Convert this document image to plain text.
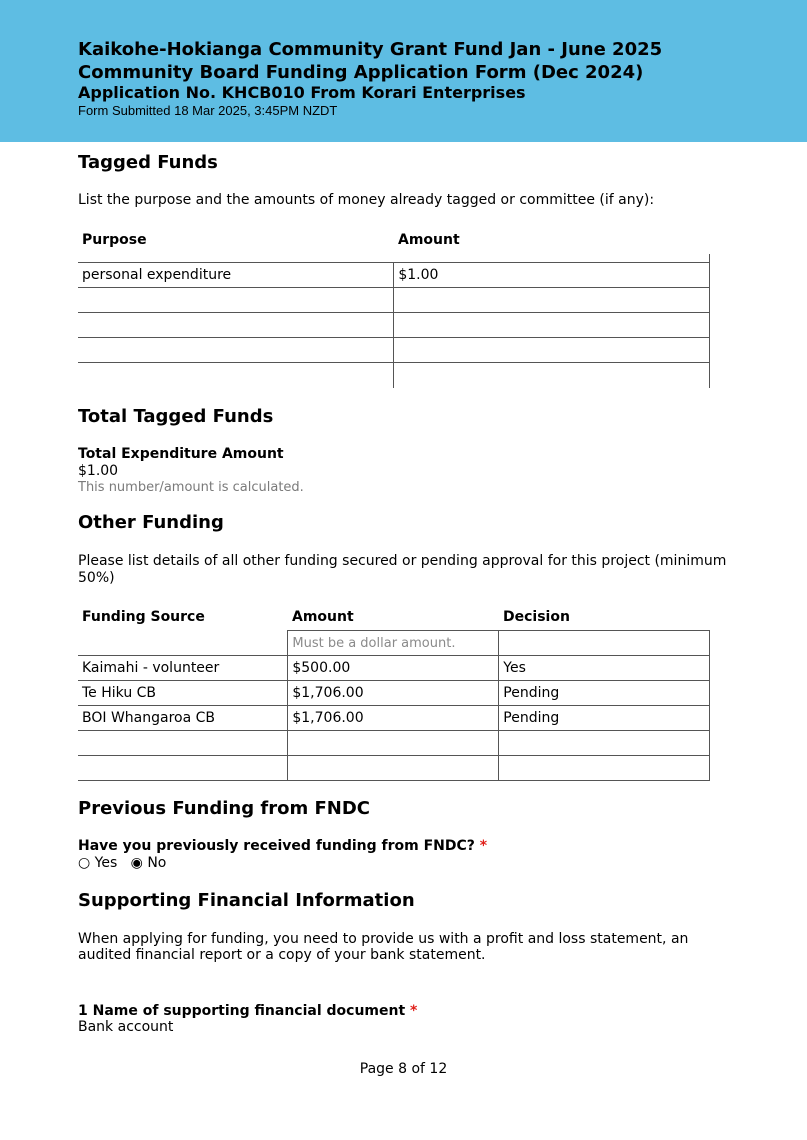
Kaikohe-Hokianga Community Grant Fund Jan - June 2025
Community Board Funding Application Form (Dec 2024)
Application No. KHCB010 From Korari Enterprises
Form Submitted 18 Mar 2025, 3:45PM NZDT
Tagged Funds
List the purpose and the amounts of money already tagged or committee (if any):
Purpose	Amount
personal expenditure	$1.00

Total Tagged Funds
Total Expenditure Amount
$1.00
This number/amount is calculated.
Other Funding
Please list details of all other funding secured or pending approval for this project (minimum
50%)
Funding Source	Amount	Decision
	Must be a dollar amount.	
Kaimahi - volunteer	$500.00	Yes
Te Hiku CB	$1,706.00	Pending
BOI Whangaroa CB	$1,706.00	Pending

Previous Funding from FNDC
Have you previously received funding from FNDC? *
○ Yes ◉ No
Supporting Financial Information
When applying for funding, you need to provide us with a profit and loss statement, an
audited financial report or a copy of your bank statement.
1 Name of supporting financial document *
Bank account
Page 8 of 12
